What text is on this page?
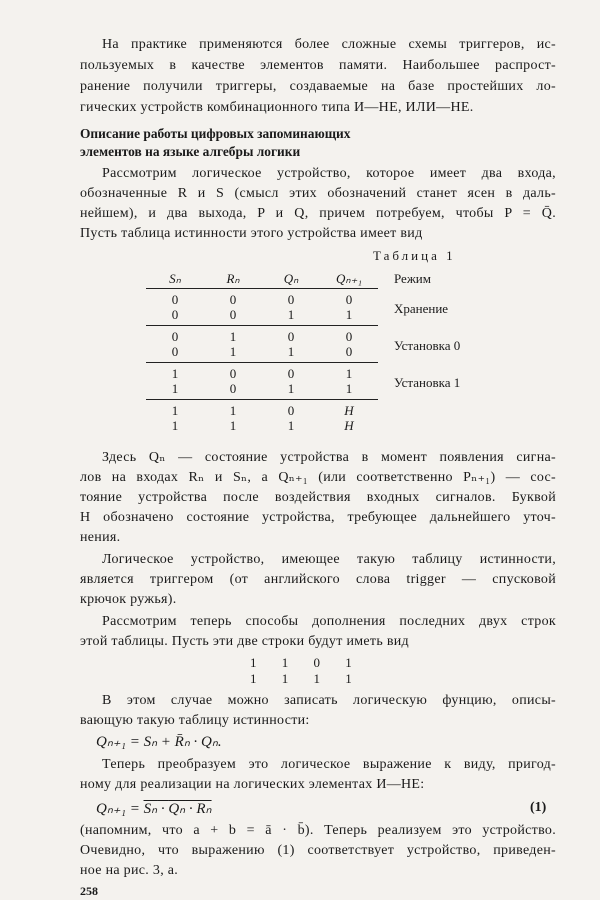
На практике применяются более сложные схемы триггеров, ис-
пользуемых в качестве элементов памяти. Наибольшее распрост-
ранение получили триггеры, создаваемые на базе простейших ло-
гических устройств комбинационного типа И—НЕ, ИЛИ—НЕ.
Описание работы цифровых запоминающих
элементов на языке алгебры логики
Рассмотрим логическое устройство, которое имеет два входа,
обозначенные R и S (смысл этих обозначений станет ясен в даль-
нейшем), и два выхода, P и Q, причем потребуем, чтобы P = Q̄.
Пусть таблица истинности этого устройства имеет вид
Таблица 1
Sₙ	Rₙ	Qₙ	Qₙ₊₁	Режим

0	0	0	0	Хранение
0	0	1	1	

0	1	0	0	Установка 0
0	1	1	0	

1	0	0	1	Установка 1
1	0	1	1	

1	1	0	H	
1	1	1	H	
Здесь Qₙ — состояние устройства в момент появления сигна-
лов на входах Rₙ и Sₙ, а Qₙ₊₁ (или соответственно Pₙ₊₁) — сос-
тояние устройства после воздействия входных сигналов. Буквой
H обозначено состояние устройства, требующее дальнейшего уточ-
нения.
Логическое устройство, имеющее такую таблицу истинности,
является триггером (от английского слова trigger — спусковой
крючок ружья).
Рассмотрим теперь способы дополнения последних двух строк
этой таблицы. Пусть эти две строки будут иметь вид
1 1 0 1
1 1 1 1
В этом случае можно записать логическую фунцию, описы-
вающую такую таблицу истинности:
Qₙ₊₁ = Sₙ + R̄ₙ · Qₙ.
Теперь преобразуем это логическое выражение к виду, пригод-
ному для реализации на логических элементах И—НЕ:
Qₙ₊₁ = Sₙ · Qₙ · Rₙ	(1)
(напомним, что a + b = ā · b̄). Теперь реализуем это устройство.
Очевидно, что выражению (1) соответствует устройство, приведен-
ное на рис. 3, а.
258
